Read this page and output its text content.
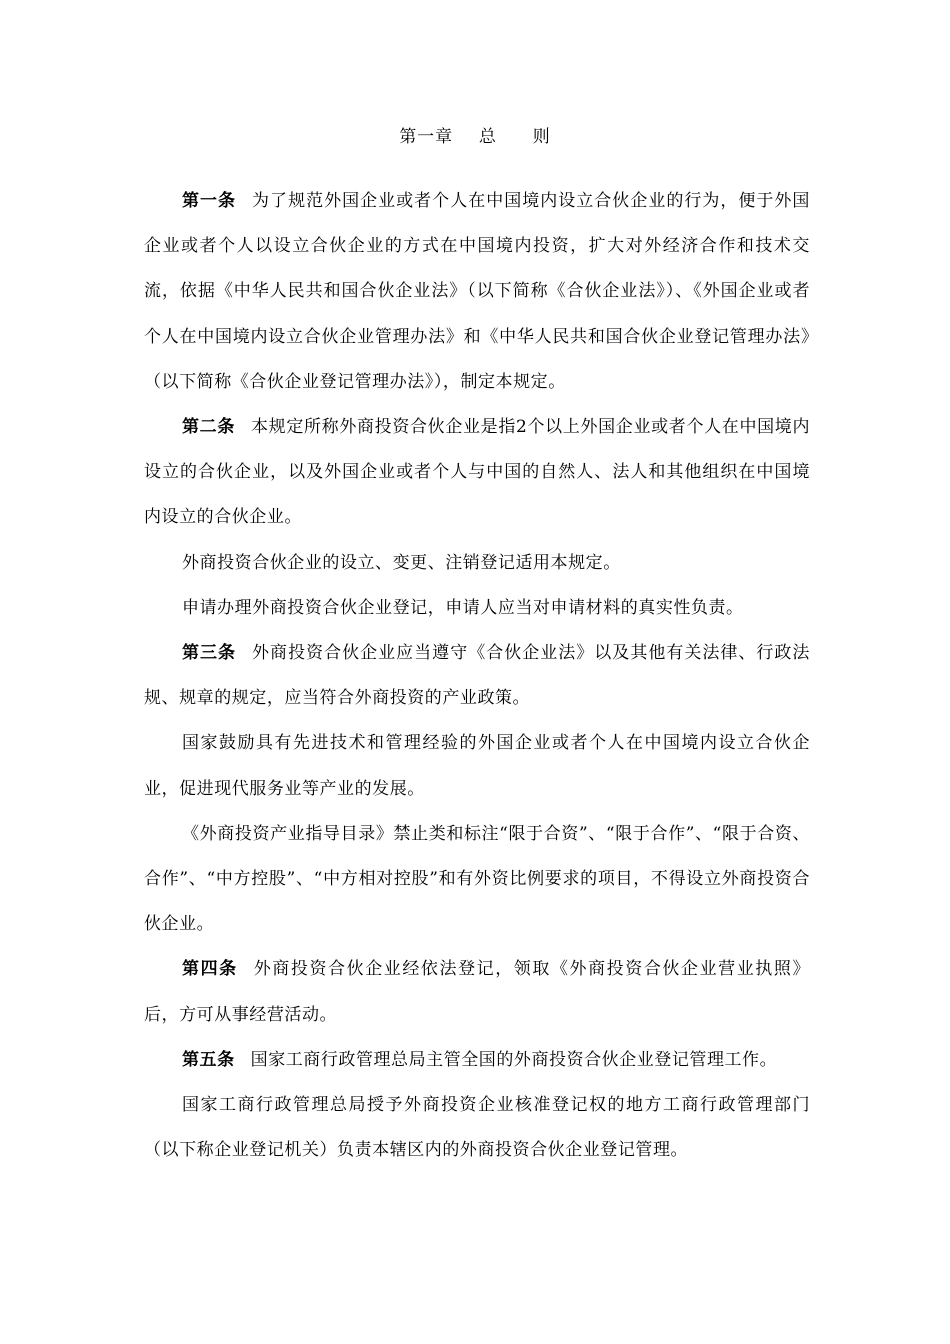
第一章 总　　则

第一条 为了规范外国企业或者个人在中国境内设立合伙企业的行为，便于外国企业或者个人以设立合伙企业的方式在中国境内投资，扩大对外经济合作和技术交流，依据《中华人民共和国合伙企业法》（以下简称《合伙企业法》）、《外国企业或者个人在中国境内设立合伙企业管理办法》和《中华人民共和国合伙企业登记管理办法》（以下简称《合伙企业登记管理办法》），制定本规定。

第二条 本规定所称外商投资合伙企业是指2个以上外国企业或者个人在中国境内设立的合伙企业，以及外国企业或者个人与中国的自然人、法人和其他组织在中国境内设立的合伙企业。

外商投资合伙企业的设立、变更、注销登记适用本规定。

申请办理外商投资合伙企业登记，申请人应当对申请材料的真实性负责。

第三条 外商投资合伙企业应当遵守《合伙企业法》以及其他有关法律、行政法规、规章的规定，应当符合外商投资的产业政策。

国家鼓励具有先进技术和管理经验的外国企业或者个人在中国境内设立合伙企业，促进现代服务业等产业的发展。

《外商投资产业指导目录》禁止类和标注“限于合资”、“限于合作”、“限于合资、合作”、“中方控股”、“中方相对控股”和有外资比例要求的项目，不得设立外商投资合伙企业。

第四条 外商投资合伙企业经依法登记，领取《外商投资合伙企业营业执照》后，方可从事经营活动。

第五条 国家工商行政管理总局主管全国的外商投资合伙企业登记管理工作。

国家工商行政管理总局授予外商投资企业核准登记权的地方工商行政管理部门（以下称企业登记机关）负责本辖区内的外商投资合伙企业登记管理。
